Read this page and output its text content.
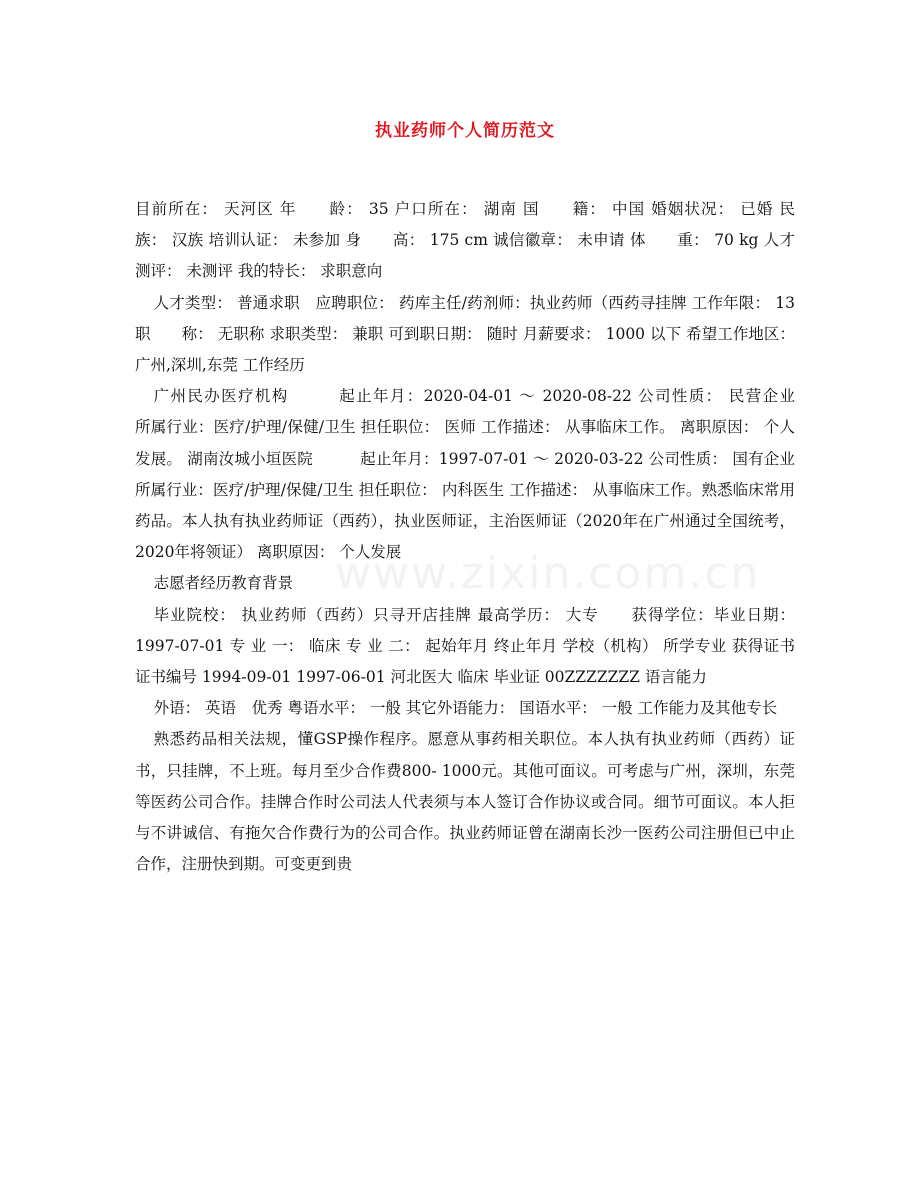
www.zixin.com.cn
执业药师个人简历范文

目前所在： 天河区 年　　龄： 35 户口所在： 湖南 国　　籍： 中国 婚姻状况： 已婚 民　　族： 汉族 培训认证： 未参加 身　　高： 175 cm 诚信徽章： 未申请 体　　重： 70 kg 人才测评： 未测评 我的特长： 求职意向

人才类型： 普通求职　应聘职位： 药库主任/药剂师：执业药师（西药寻挂牌 工作年限： 13 职　　称： 无职称 求职类型： 兼职 可到职日期： 随时 月薪要求： 1000 以下 希望工作地区： 广州,深圳,东莞 工作经历

广州民办医疗机构　　　起止年月：2020-04-01 ～ 2020-08-22 公司性质： 民营企业　　所属行业：医疗/护理/保健/卫生 担任职位： 医师 工作描述： 从事临床工作。 离职原因： 个人发展。 湖南汝城小垣医院　　　起止年月：1997-07-01 ～ 2020-03-22 公司性质： 国有企业　　所属行业：医疗/护理/保健/卫生 担任职位： 内科医生 工作描述： 从事临床工作。熟悉临床常用药品。本人执有执业药师证（西药），执业医师证，主治医师证（2020年在广州通过全国统考，2020年将领证） 离职原因： 个人发展

志愿者经历教育背景

毕业院校： 执业药师（西药）只寻开店挂牌 最高学历： 大专　　获得学位：毕业日期： 1997-07-01 专 业 一： 临床 专 业 二： 起始年月 终止年月 学校（机构） 所学专业 获得证书 证书编号 1994-09-01 1997-06-01 河北医大 临床 毕业证 00ZZZZZZZ 语言能力

外语： 英语　优秀 粤语水平： 一般 其它外语能力： 国语水平： 一般 工作能力及其他专长

熟悉药品相关法规，懂GSP操作程序。愿意从事药相关职位。本人执有执业药师（西药）证书，只挂牌，不上班。每月至少合作费800- 1000元。其他可面议。可考虑与广州，深圳，东莞等医药公司合作。挂牌合作时公司法人代表须与本人签订合作协议或合同。细节可面议。本人拒与不讲诚信、有拖欠合作费行为的公司合作。执业药师证曾在湖南长沙一医药公司注册但已中止合作，注册快到期。可变更到贵
